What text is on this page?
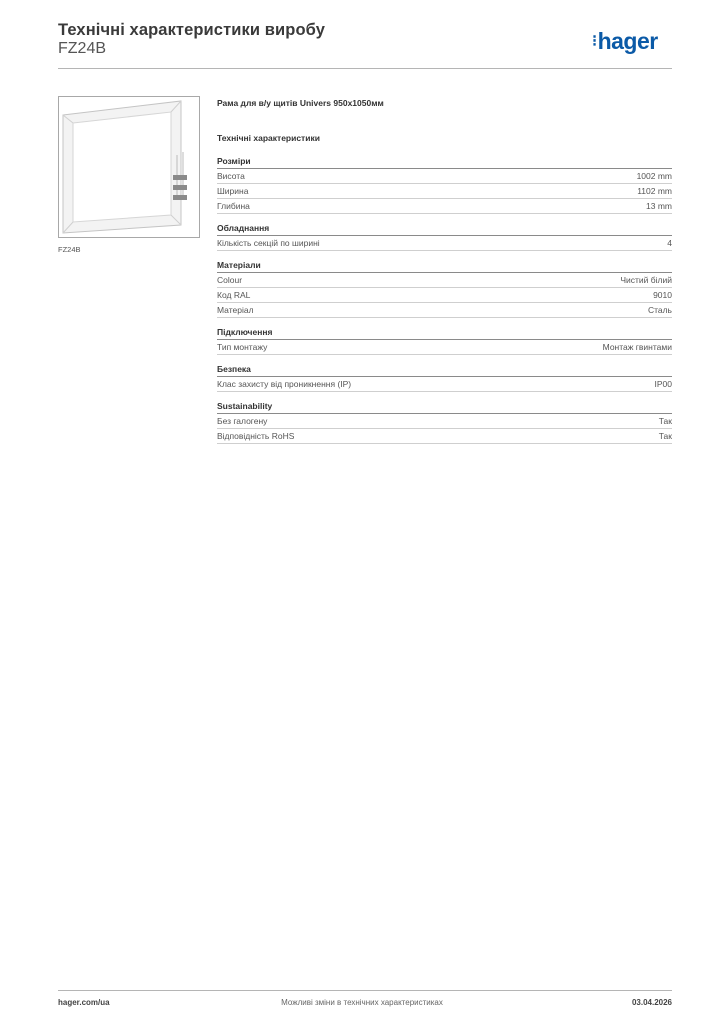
Технічні характеристики виробу
FZ24B	⁝hager
FZ24B
Рама для в/у щитів Univers 950x1050мм
Технічні характеристики
Розміри
Висота	1002 mm
Ширина	1102 mm
Глибина	13 mm
Обладнання
Кількість секцій по ширині	4
Матеріали
Colour	Чистий білий
Код RAL	9010
Матеріал	Сталь
Підключення
Тип монтажу	Монтаж гвинтами
Безпека
Клас захисту від проникнення (IP)	IP00
Sustainability
Без галогену	Так
Відповідність RoHS	Так
hager.com/ua	Можливі зміни в технічних характеристиках	03.04.2026
